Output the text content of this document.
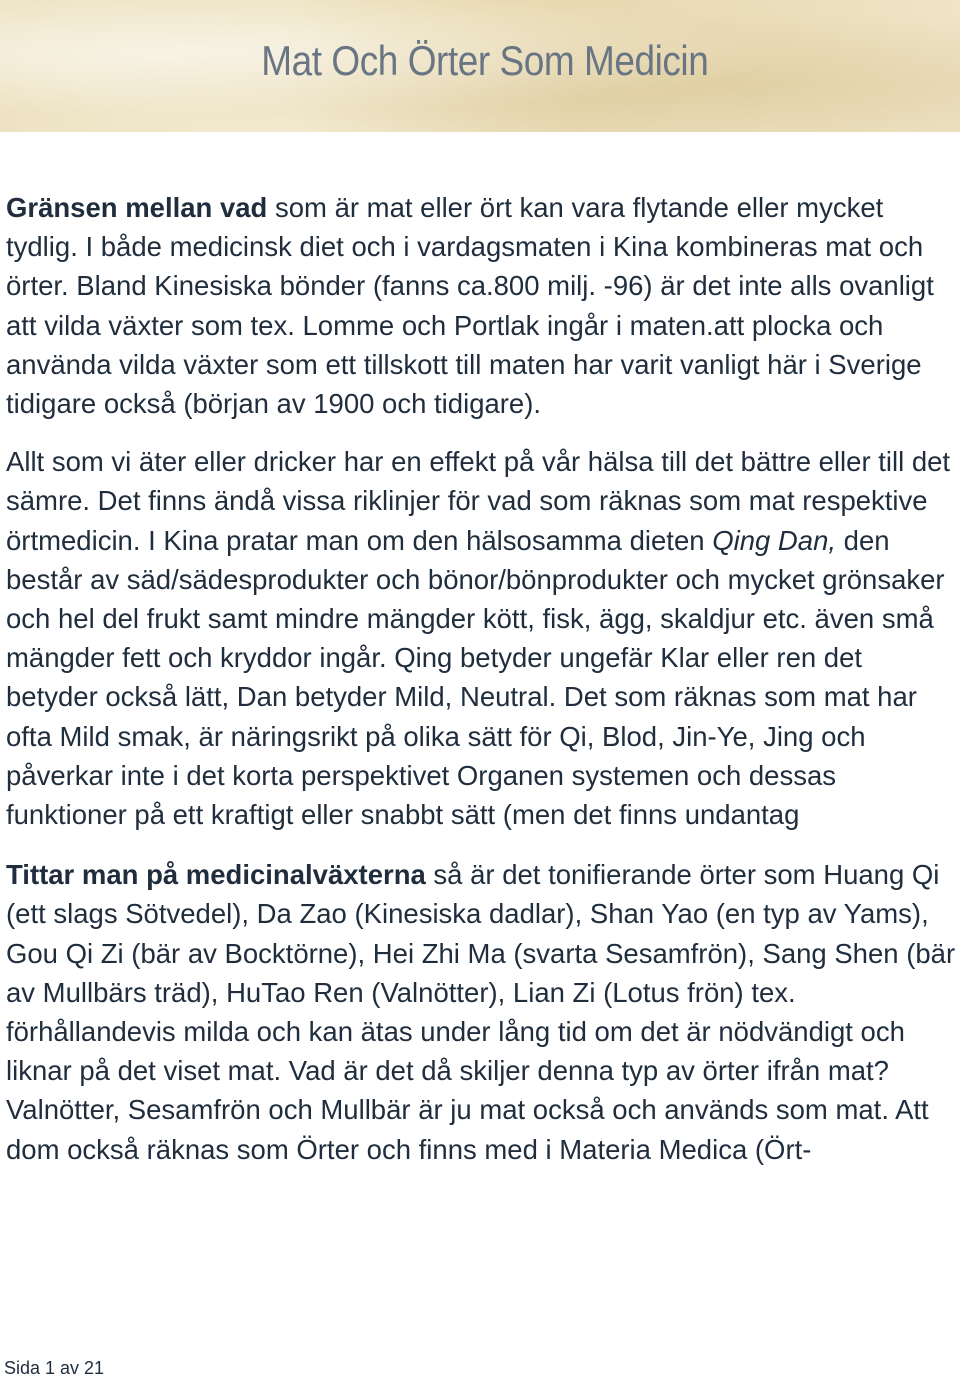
Mat Och Örter Som Medicin

Gränsen mellan vad som är mat eller ört kan vara flytande eller mycket tydlig. I både medicinsk diet och i vardagsmaten i Kina kombineras mat och örter. Bland Kinesiska bönder (fanns ca.800 milj. -96) är det inte alls ovanligt att vilda växter som tex. Lomme och Portlak ingår i maten.att plocka och använda vilda växter som ett tillskott till maten har varit vanligt här i Sverige tidigare också (början av 1900 och tidigare).

Allt som vi äter eller dricker har en effekt på vår hälsa till det bättre eller till det sämre. Det finns ändå vissa riklinjer för vad som räknas som mat respektive örtmedicin. I Kina pratar man om den hälsosamma dieten Qing Dan, den består av säd/sädesprodukter och bönor/bönprodukter och mycket grönsaker och hel del frukt samt mindre mängder kött, fisk, ägg, skaldjur etc. även små mängder fett och kryddor ingår. Qing betyder ungefär Klar eller ren det betyder också lätt, Dan betyder Mild, Neutral. Det som räknas som mat har ofta Mild smak, är näringsrikt på olika sätt för Qi, Blod, Jin-Ye, Jing och påverkar inte i det korta perspektivet Organen systemen och dessas funktioner på ett kraftigt eller snabbt sätt (men det finns undantag

Tittar man på medicinalväxterna så är det tonifierande örter som Huang Qi (ett slags Sötvedel), Da Zao (Kinesiska dadlar), Shan Yao (en typ av Yams), Gou Qi Zi (bär av Bocktörne), Hei Zhi Ma (svarta Sesamfrön), Sang Shen (bär av Mullbärs träd), HuTao Ren (Valnötter), Lian Zi (Lotus frön) tex. förhållandevis milda och kan ätas under lång tid om det är nödvändigt och liknar på det viset mat. Vad är det då skiljer denna typ av örter ifrån mat? Valnötter, Sesamfrön och Mullbär är ju mat också och används som mat. Att dom också räknas som Örter och finns med i Materia Medica (Ört-

Sida 1 av 21
